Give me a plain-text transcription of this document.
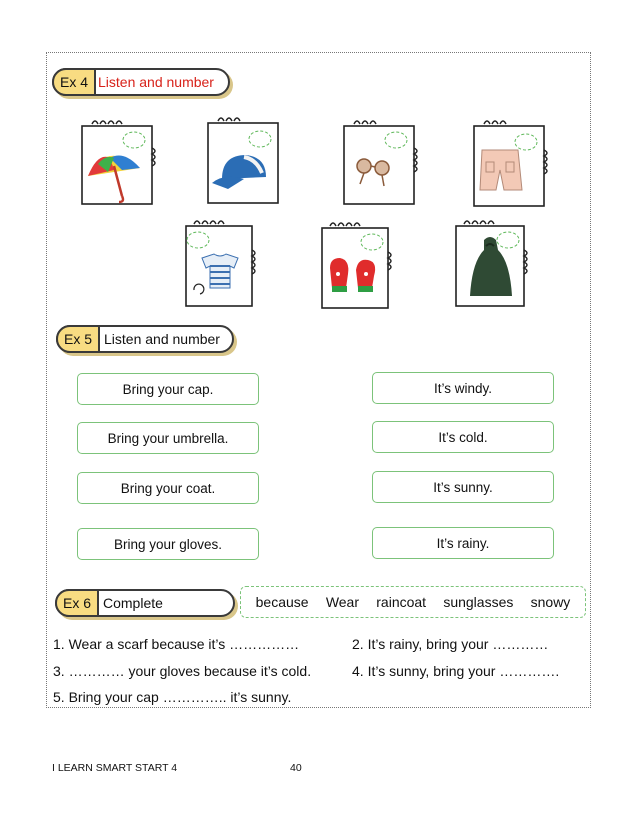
Ex 4 Listen and number
Ex 5 Listen and number
Bring your cap.
Bring your umbrella.
Bring your coat.
Bring your gloves.
It’s windy.
It’s cold.
It’s sunny.
It’s rainy.
Ex 6 Complete	because Wear raincoat sunglasses snowy
1. Wear a scarf because it’s ……………	2. It’s rainy, bring your …………
3. ………… your gloves because it’s cold.	4. It’s sunny, bring your ………….
5. Bring your cap ………….. it’s sunny.
I LEARN SMART START 4	40
